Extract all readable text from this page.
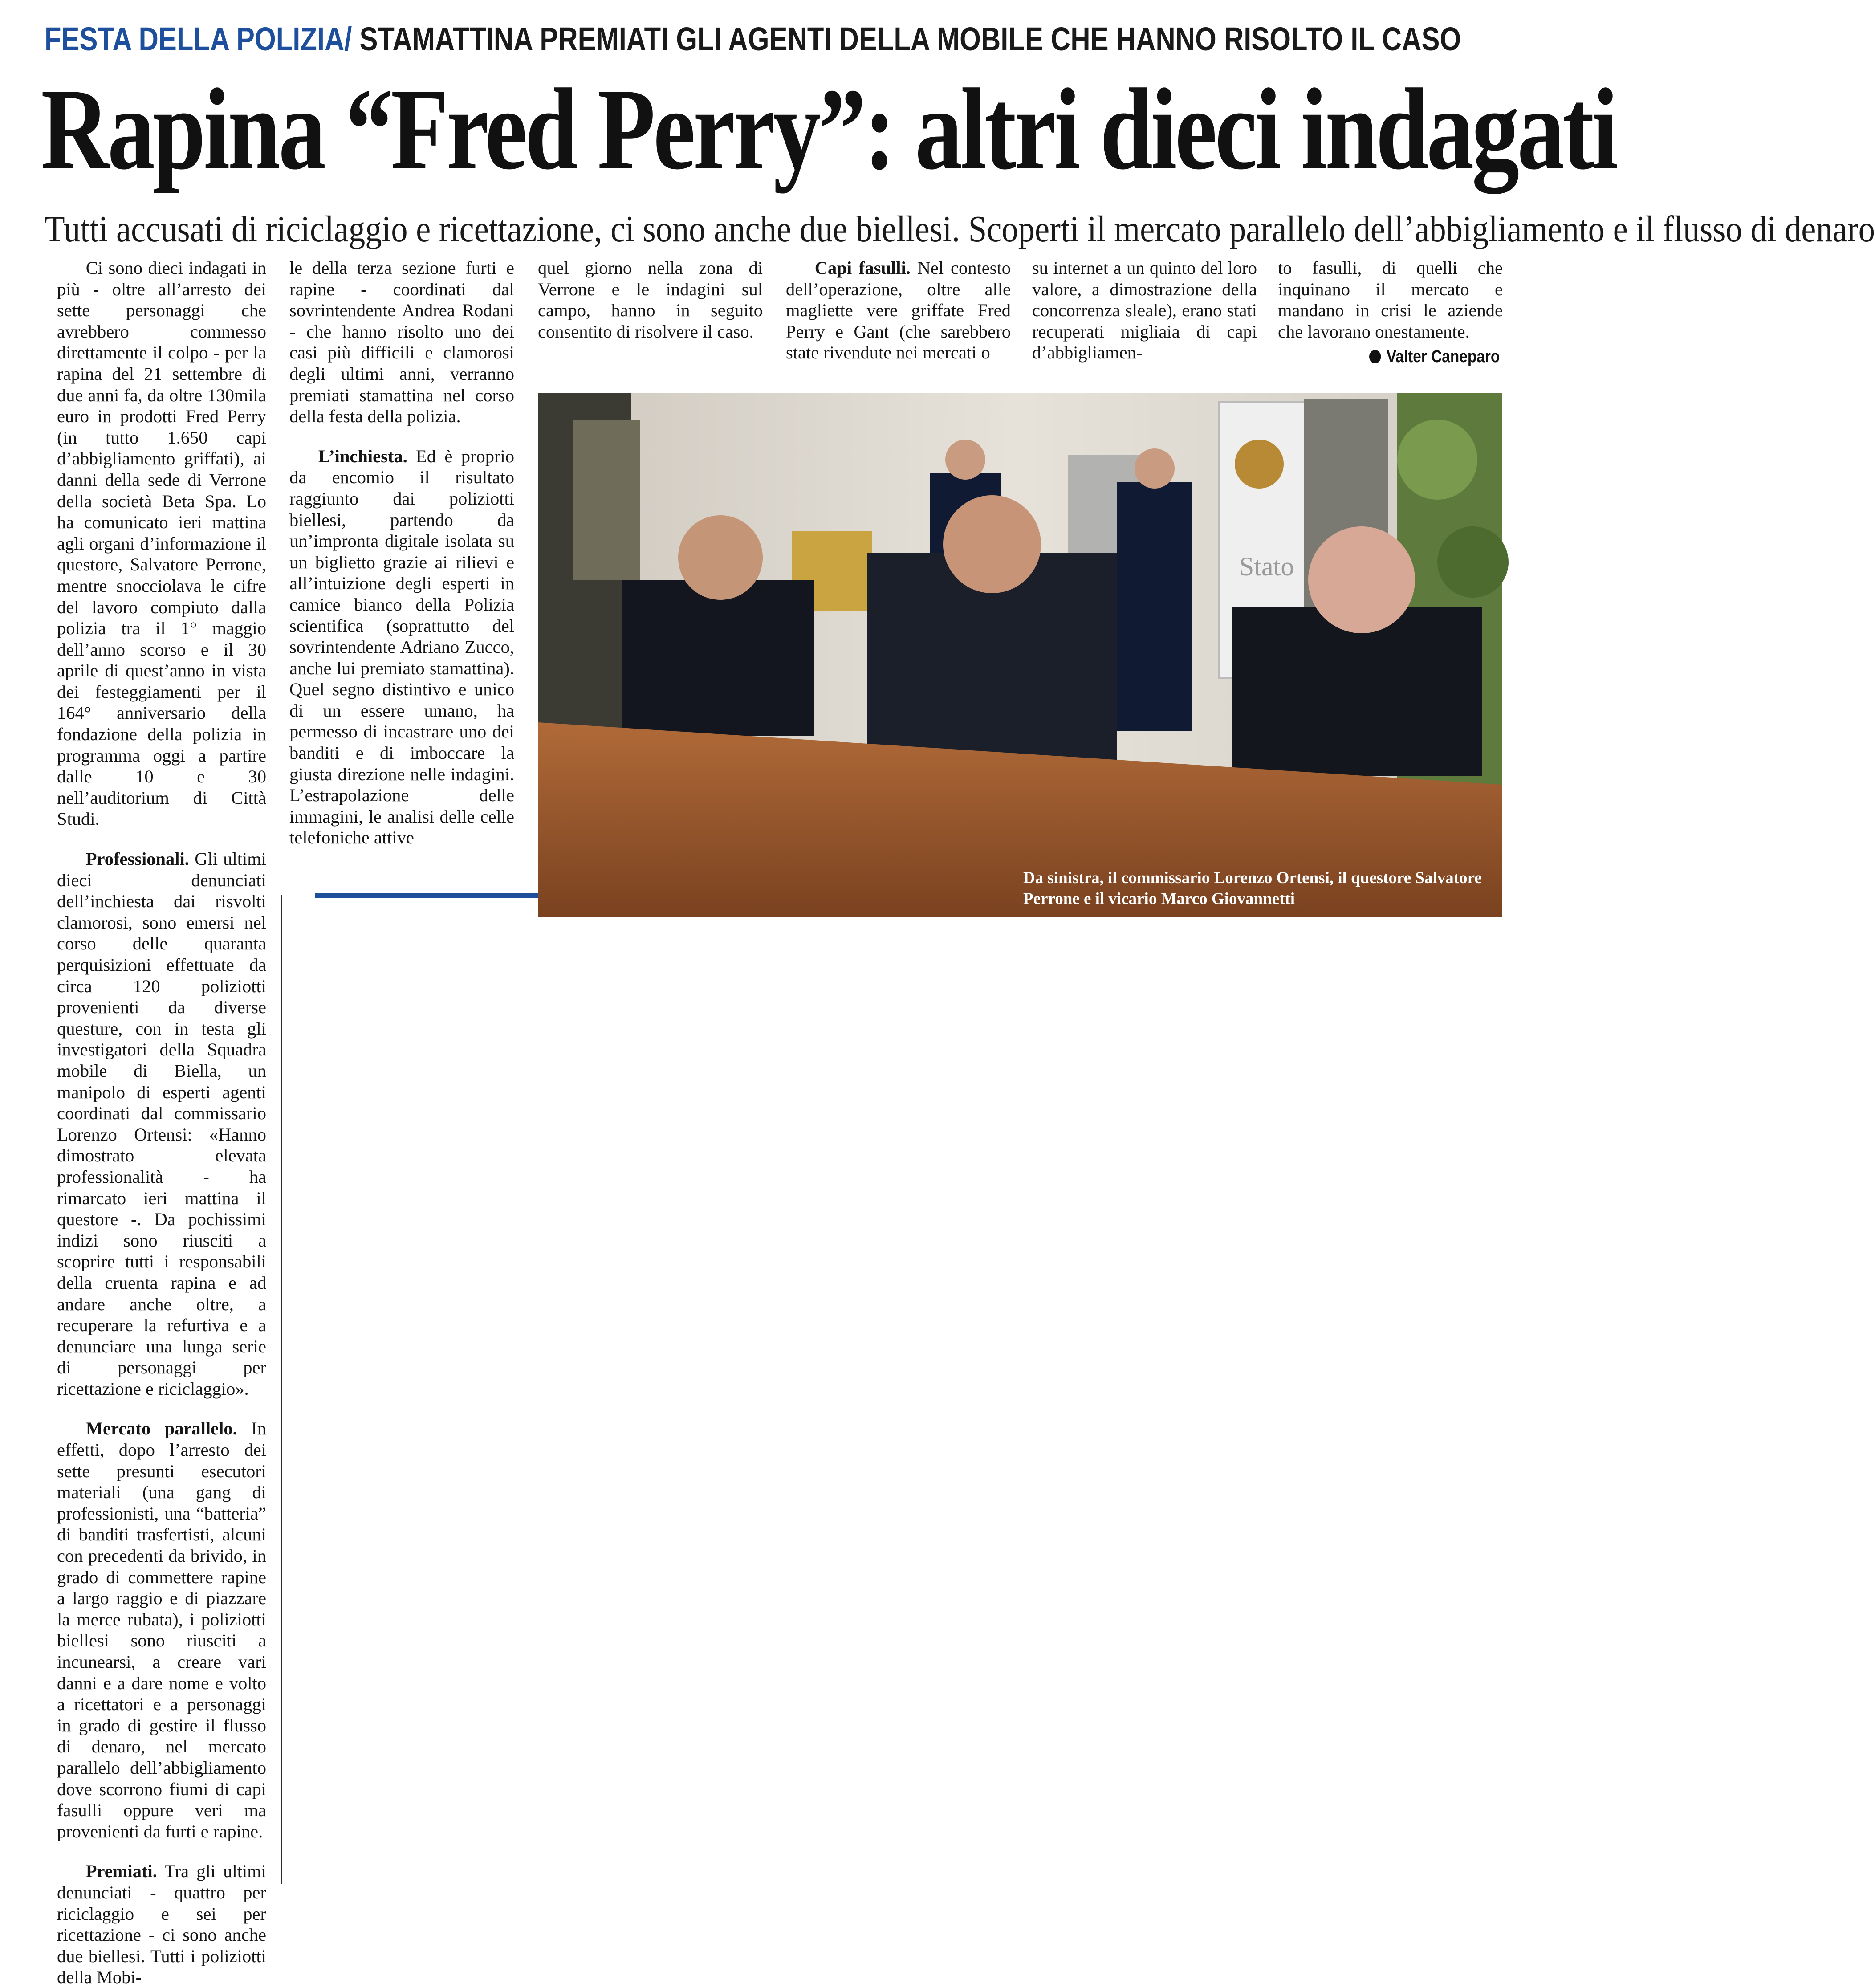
FESTA DELLA POLIZIA/ STAMATTINA PREMIATI GLI AGENTI DELLA MOBILE CHE HANNO RISOLTO IL CASO
Rapina “Fred Perry”: altri dieci indagati
Tutti accusati di riciclaggio e ricettazione, ci sono anche due biellesi. Scoperti il mercato parallelo dell’abbigliamento e il flusso di denaro

Ci sono dieci indagati in più - oltre all’arresto dei sette personaggi che avrebbero commesso direttamente il colpo - per la rapina del 21 settembre di due anni fa, da oltre 130mila euro in prodotti Fred Perry (in tutto 1.650 capi d’abbigliamento griffati), ai danni della sede di Verrone della società Beta Spa. Lo ha comunicato ieri mattina agli organi d’informazione il questore, Salvatore Perrone, mentre snocciolava le cifre del lavoro compiuto dalla polizia tra il 1° maggio dell’anno scorso e il 30 aprile di quest’anno in vista dei festeggiamenti per il 164° anniversario della fondazione della polizia in programma oggi a partire dalle 10 e 30 nell’auditorium di Città Studi.

Professionali. Gli ultimi dieci denunciati dell’inchiesta dai risvolti clamorosi, sono emersi nel corso delle quaranta perquisizioni effettuate da circa 120 poliziotti provenienti da diverse questure, con in testa gli investigatori della Squadra mobile di Biella, un manipolo di esperti agenti coordinati dal commissario Lorenzo Ortensi: «Hanno dimostrato elevata professionalità - ha rimarcato ieri mattina il questore -. Da pochissimi indizi sono riusciti a scoprire tutti i responsabili della cruenta rapina e ad andare anche oltre, a recuperare la refurtiva e a denunciare una lunga serie di personaggi per ricettazione e riciclaggio».

Mercato parallelo. In effetti, dopo l’arresto dei sette presunti esecutori materiali (una gang di professionisti, una “batteria” di banditi trasfertisti, alcuni con precedenti da brivido, in grado di commettere rapine a largo raggio e di piazzare la merce rubata), i poliziotti biellesi sono riusciti a incunearsi, a creare vari danni e a dare nome e volto a ricettatori e a personaggi in grado di gestire il flusso di denaro, nel mercato parallelo dell’abbigliamento dove scorrono fiumi di capi fasulli oppure veri ma provenienti da furti e rapine.

Premiati. Tra gli ultimi denunciati - quattro per riciclaggio e sei per ricettazione - ci sono anche due biellesi. Tutti i poliziotti della Mobi-

le della terza sezione furti e rapine - coordinati dal sovrintendente Andrea Rodani - che hanno risolto uno dei casi più difficili e clamorosi degli ultimi anni, verranno premiati stamattina nel corso della festa della polizia.

L’inchiesta. Ed è proprio da encomio il risultato raggiunto dai poliziotti biellesi, partendo da un’impronta digitale isolata su un biglietto grazie ai rilievi e all’intuizione degli esperti in camice bianco della Polizia scientifica (soprattutto del sovrintendente Adriano Zucco, anche lui premiato stamattina). Quel segno distintivo e unico di un essere umano, ha permesso di incastrare uno dei banditi e di imboccare la giusta direzione nelle indagini. L’estrapolazione delle immagini, le analisi delle celle telefoniche attive

quel giorno nella zona di Verrone e le indagini sul campo, hanno in seguito consentito di risolvere il caso.

Capi fasulli. Nel contesto dell’operazione, oltre alle magliette vere griffate Fred Perry e Gant (che sarebbero state rivendute nei mercati o

su internet a un quinto del loro valore, a dimostrazione della concorrenza sleale), erano stati recuperati migliaia di capi d’abbigliamen-

to fasulli, di quelli che inquinano il mercato e mandano in crisi le aziende che lavorano onestamente.

Valter Caneparo
Stato
Da sinistra, il commissario Lorenzo Ortensi, il questore Salvatore Perrone e il vicario Marco Giovannetti
